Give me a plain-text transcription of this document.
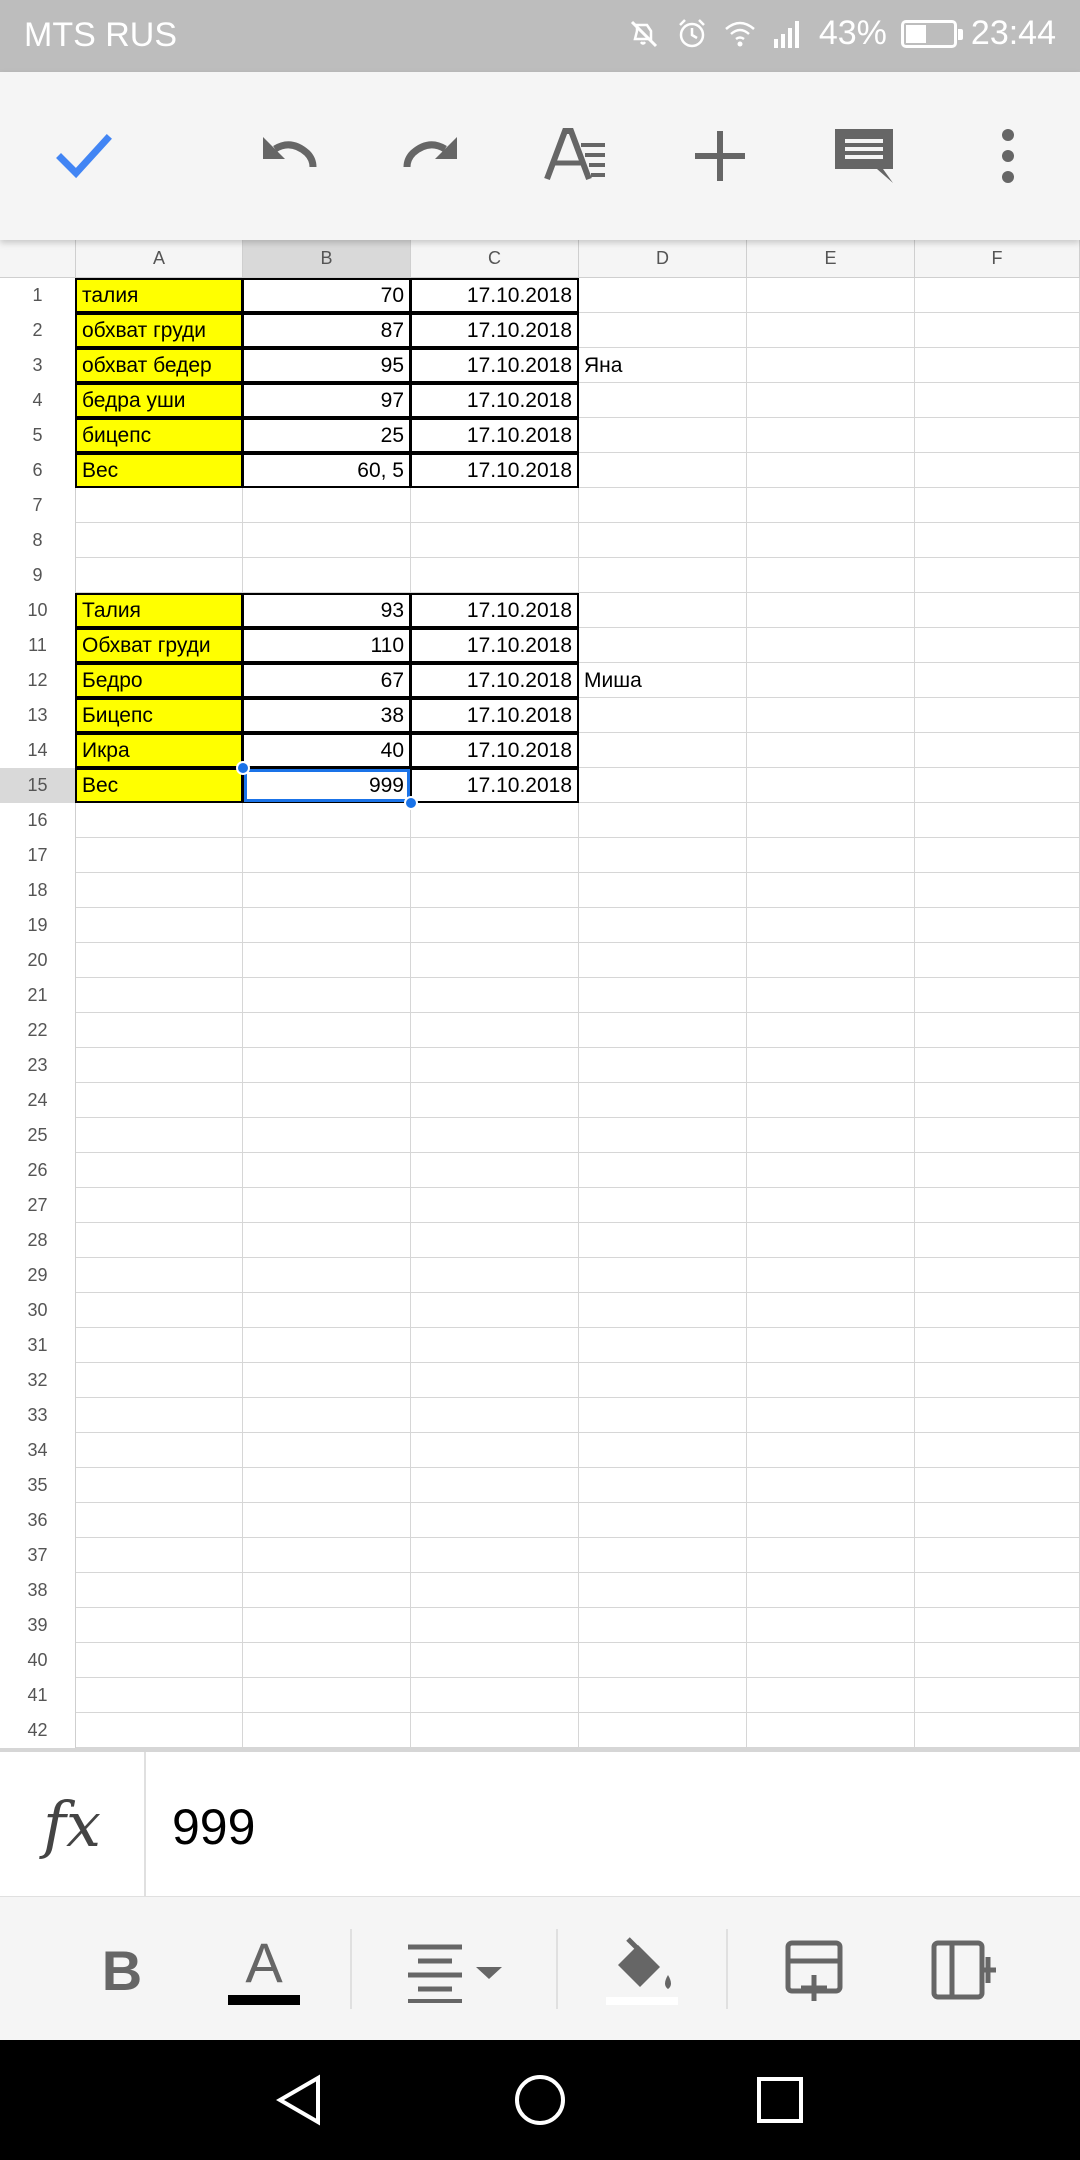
MTS RUS	43% 23:44
A	B	C	D	E	F
1
2
3
4
5
6
7
8
9
10
11
12
13
14
15
16
17
18
19
20
21
22
23
24
25
26
27
28
29
30
31
32
33
34
35
36
37
38
39
40
41
42
талия	70	17.10.2018
обхват груди	87	17.10.2018
обхват бедер	95	17.10.2018 Яна
бедра уши	97	17.10.2018
бицепс	25	17.10.2018
Вес	60, 5	17.10.2018
Талия	93	17.10.2018
Обхват груди	110	17.10.2018
Бедро	67	17.10.2018 Миша
Бицепс	38	17.10.2018
Икра	40	17.10.2018
Вес	999	17.10.2018
fx	999
B A
